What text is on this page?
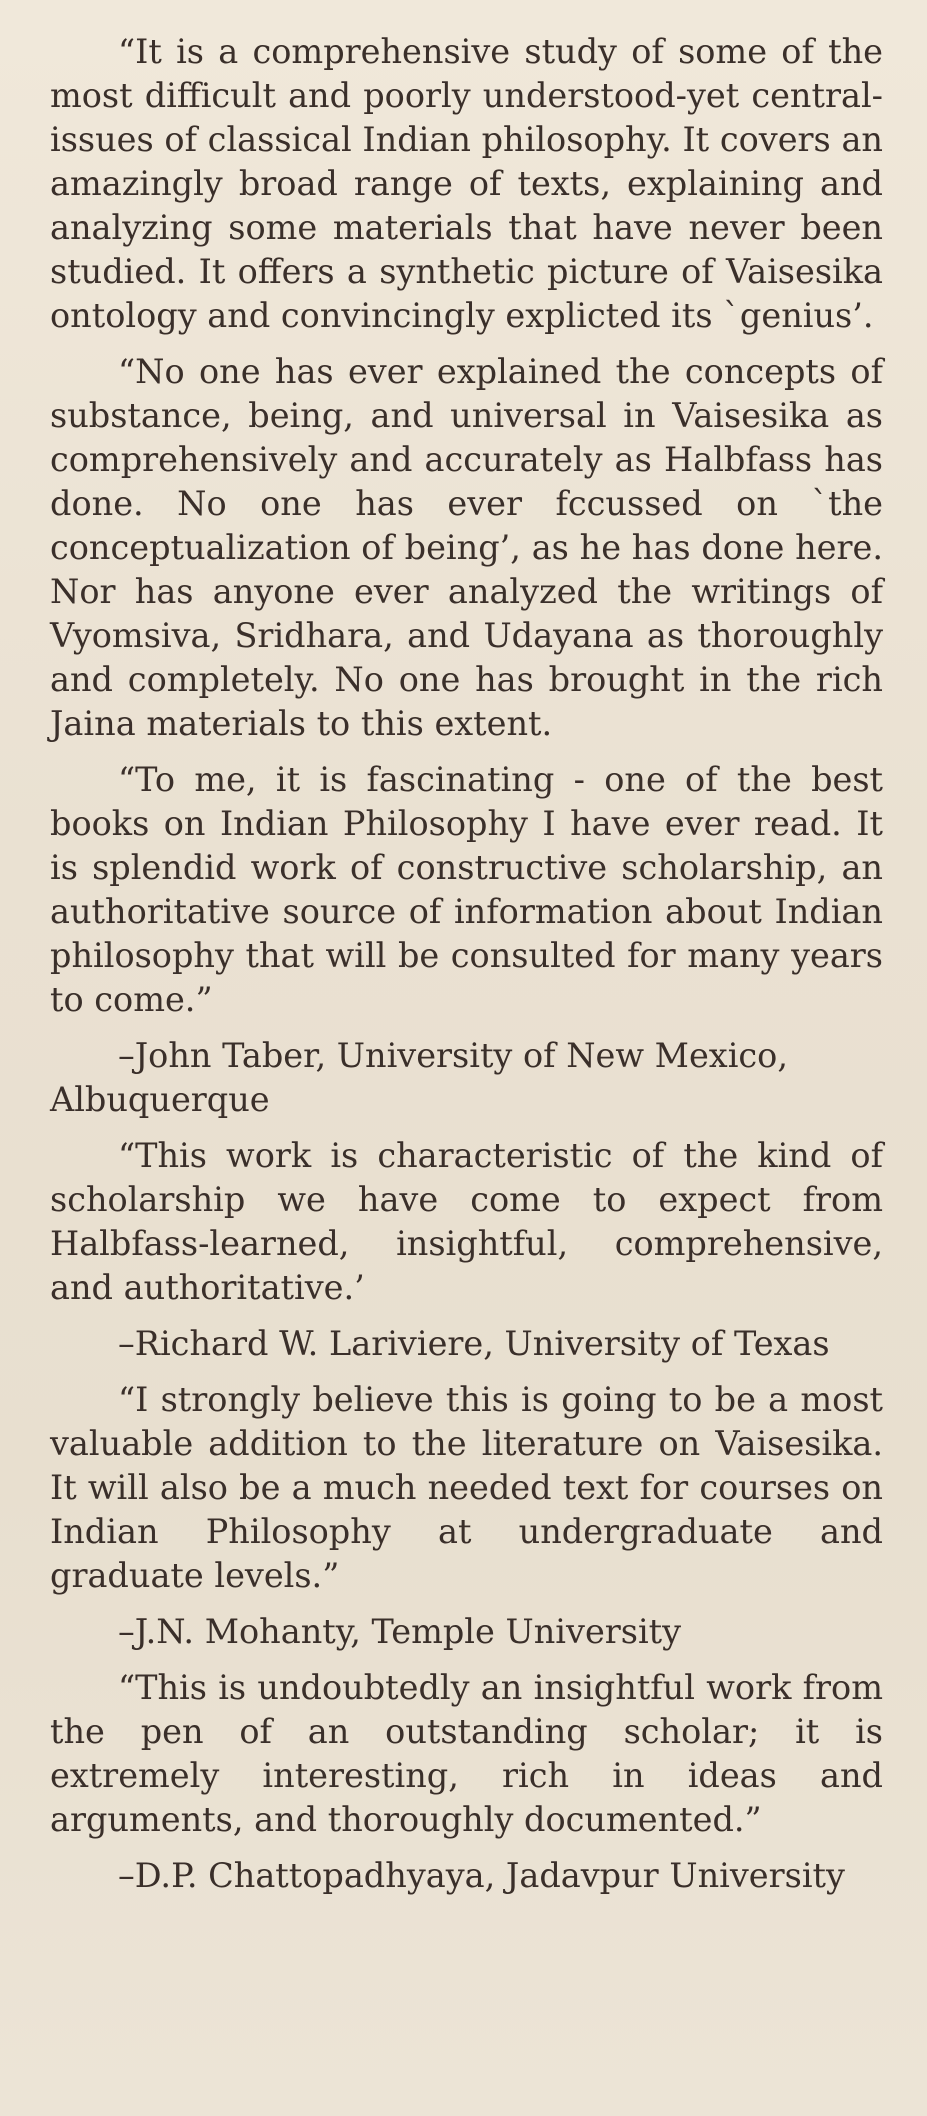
“It is a comprehensive study of some of the most difficult and poorly understood-yet central-issues of classical Indian philosophy. It covers an amazingly broad range of texts, explaining and analyzing some materials that have never been studied. It offers a synthetic picture of Vaisesika ontology and convincingly explicted its `genius’.

“No one has ever explained the concepts of substance, being, and universal in Vaisesika as comprehensively and accurately as Halbfass has done. No one has ever fccussed on `the conceptualization of being’, as he has done here. Nor has anyone ever analyzed the writings of Vyomsiva, Sridhara, and Udayana as thoroughly and completely. No one has brought in the rich Jaina materials to this extent.

“To me, it is fascinating - one of the best books on Indian Philosophy I have ever read. It is splendid work of constructive scholarship, an authoritative source of information about Indian philosophy that will be consulted for many years to come.”

–John Taber, University of New Mexico, Albuquerque

“This work is characteristic of the kind of scholarship we have come to expect from Halbfass-learned, insightful, comprehensive, and authoritative.’

–Richard W. Lariviere, University of Texas

“I strongly believe this is going to be a most valuable addition to the literature on Vaisesika. It will also be a much needed text for courses on Indian Philosophy at undergraduate and graduate levels.”

–J.N. Mohanty, Temple University

“This is undoubtedly an insightful work from the pen of an outstanding scholar; it is extremely interesting, rich in ideas and arguments, and thoroughly documented.”

–D.P. Chattopadhyaya, Jadavpur University
